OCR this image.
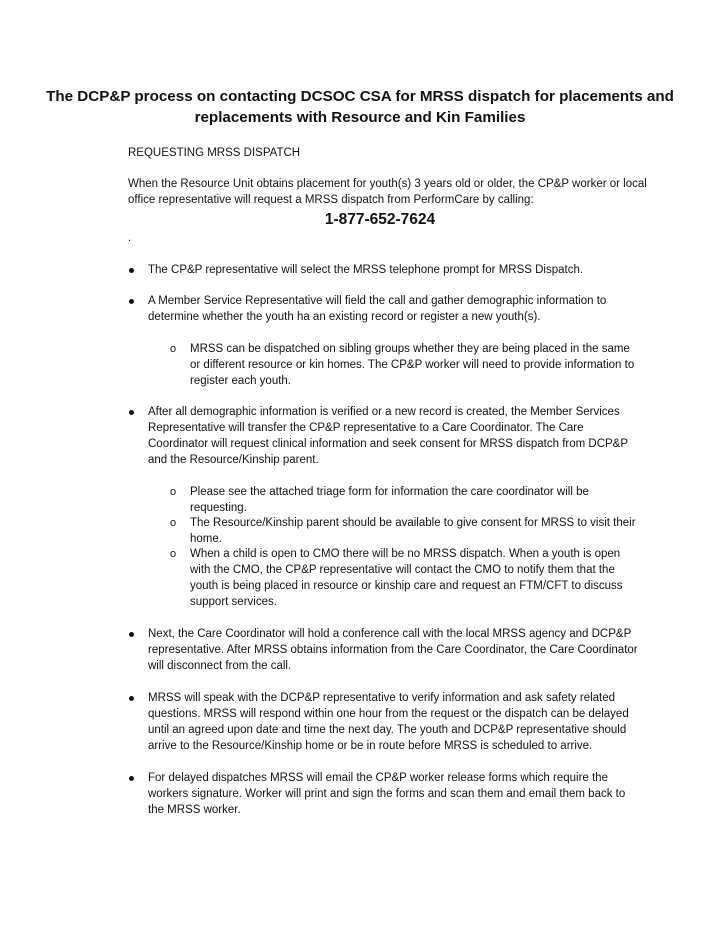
The DCP&P process on contacting DCSOC CSA for MRSS dispatch for placements and replacements with Resource and Kin Families

REQUESTING MRSS DISPATCH

When the Resource Unit obtains placement for youth(s) 3 years old or older, the CP&P worker or local office representative will request a MRSS dispatch from PerformCare by calling:

1-877-652-7624
.
The CP&P representative will select the MRSS telephone prompt for MRSS Dispatch.
A Member Service Representative will field the call and gather demographic information to determine whether the youth ha an existing record or register a new youth(s).
o MRSS can be dispatched on sibling groups whether they are being placed in the same or different resource or kin homes. The CP&P worker will need to provide information to register each youth.
After all demographic information is verified or a new record is created, the Member Services Representative will transfer the CP&P representative to a Care Coordinator. The Care Coordinator will request clinical information and seek consent for MRSS dispatch from DCP&P and the Resource/Kinship parent.
o Please see the attached triage form for information the care coordinator will be requesting.
o The Resource/Kinship parent should be available to give consent for MRSS to visit their home.
o When a child is open to CMO there will be no MRSS dispatch. When a youth is open with the CMO, the CP&P representative will contact the CMO to notify them that the youth is being placed in resource or kinship care and request an FTM/CFT to discuss support services.
Next, the Care Coordinator will hold a conference call with the local MRSS agency and DCP&P representative. After MRSS obtains information from the Care Coordinator, the Care Coordinator will disconnect from the call.
MRSS will speak with the DCP&P representative to verify information and ask safety related questions. MRSS will respond within one hour from the request or the dispatch can be delayed until an agreed upon date and time the next day. The youth and DCP&P representative should arrive to the Resource/Kinship home or be in route before MRSS is scheduled to arrive.
For delayed dispatches MRSS will email the CP&P worker release forms which require the workers signature. Worker will print and sign the forms and scan them and email them back to the MRSS worker.
